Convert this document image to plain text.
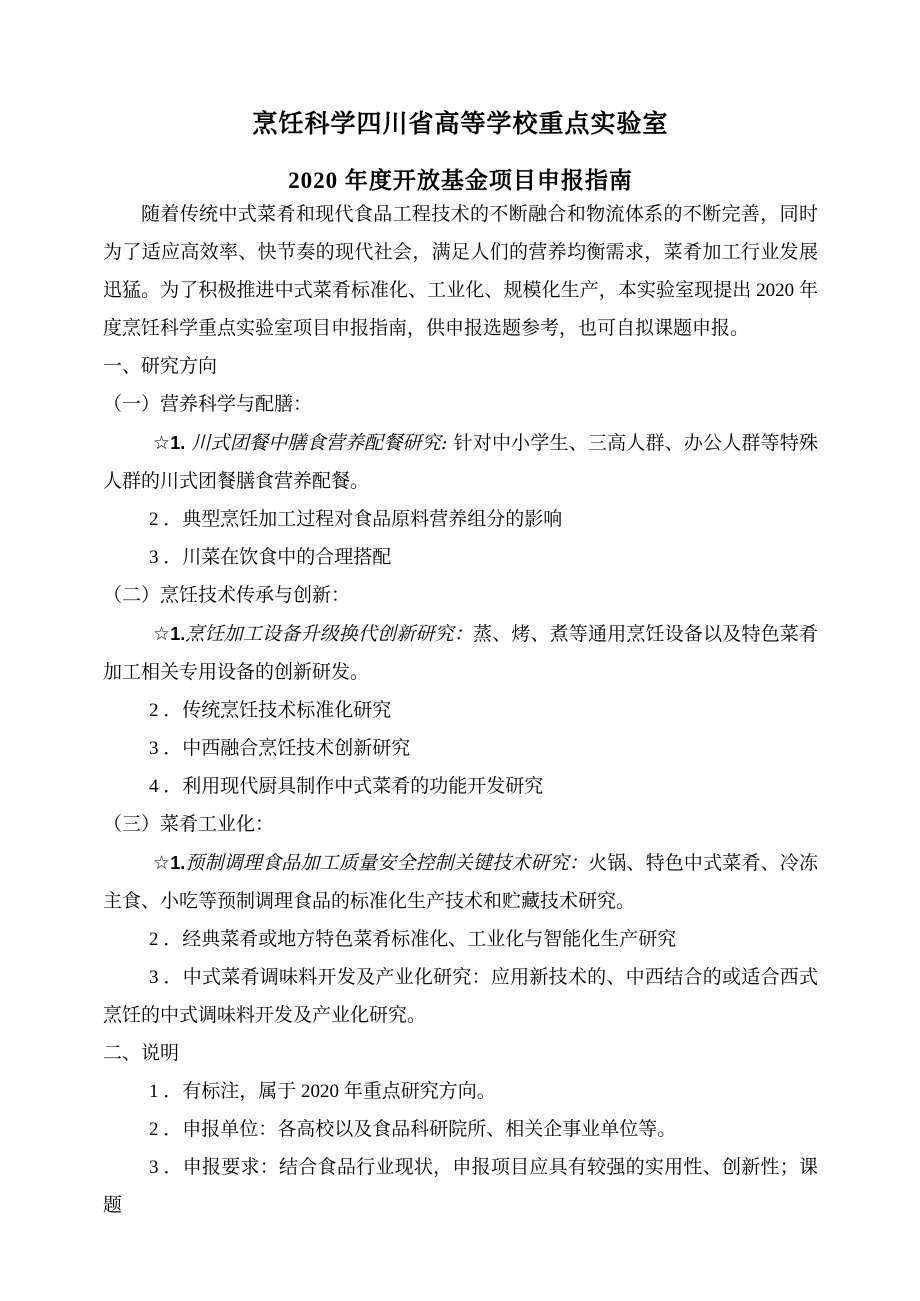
烹饪科学四川省高等学校重点实验室
2020 年度开放基金项目申报指南

随着传统中式菜肴和现代食品工程技术的不断融合和物流体系的不断完善，同时为了适应高效率、快节奏的现代社会，满足人们的营养均衡需求，菜肴加工行业发展迅猛。为了积极推进中式菜肴标准化、工业化、规模化生产，本实验室现提出 2020 年度烹饪科学重点实验室项目申报指南，供申报选题参考，也可自拟课题申报。

一、研究方向

（一）营养科学与配膳：

☆1. 川式团餐中膳食营养配餐研究: 针对中小学生、三高人群、办公人群等特殊人群的川式团餐膳食营养配餐。

2 ．典型烹饪加工过程对食品原料营养组分的影响

3 ．川菜在饮食中的合理搭配

（二）烹饪技术传承与创新：

☆1.烹饪加工设备升级换代创新研究：蒸、烤、煮等通用烹饪设备以及特色菜肴加工相关专用设备的创新研发。

2 ．传统烹饪技术标准化研究

3 ．中西融合烹饪技术创新研究

4 ．利用现代厨具制作中式菜肴的功能开发研究

（三）菜肴工业化：

☆1.预制调理食品加工质量安全控制关键技术研究：火锅、特色中式菜肴、冷冻主食、小吃等预制调理食品的标准化生产技术和贮藏技术研究。

2 ．经典菜肴或地方特色菜肴标准化、工业化与智能化生产研究

3 ．中式菜肴调味料开发及产业化研究：应用新技术的、中西结合的或适合西式烹饪的中式调味料开发及产业化研究。

二、说明

1 ．有标注，属于 2020 年重点研究方向。

2 ．申报单位：各高校以及食品科研院所、相关企事业单位等。

3 ．申报要求：结合食品行业现状，申报项目应具有较强的实用性、创新性；课题
